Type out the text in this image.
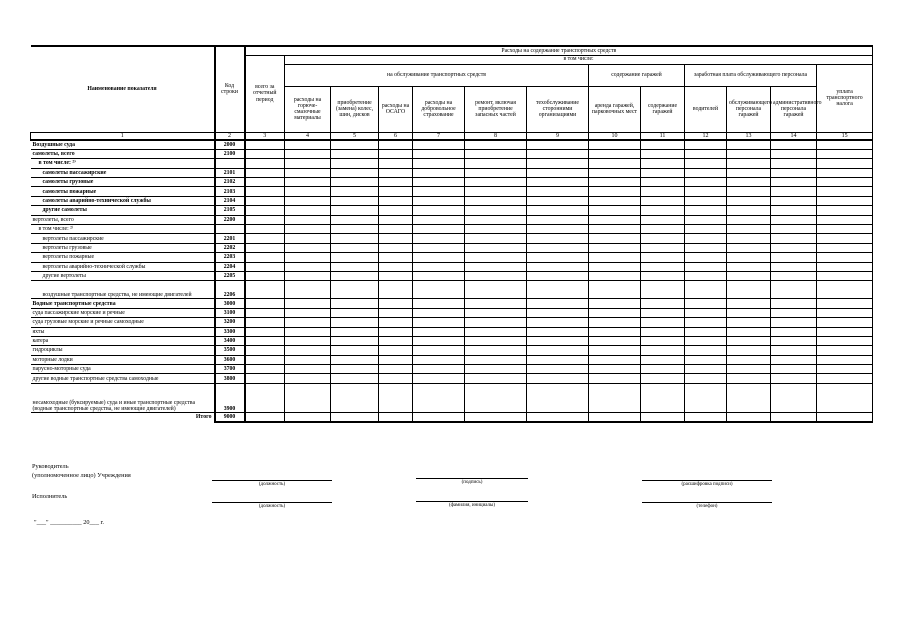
Наименование показателя	Код строки	Расходы на содержание транспортных средств												
		всего за отчетный период	в том числе:											
			на обслуживание транспортных средств						содержание гаражей		заработная плата обслуживающего персонала			уплата транспортного налога

			расходы на горюче-смазочные материалы	приобретение (замена) колес, шин, дисков	расходы на ОСАГО	расходы на добровольное страхование	ремонт, включая приобретение запасных частей	техобслуживание сторонними организациями	аренда гаражей, парковочных мест	содержание гаражей	водителей	обслуживающего персонала гаражей	административного персонала гаражей	
1	2	3	4	5	6	7	8	9	10	11	12	13	14	15
Воздушные суда	2000													
самолеты, всего	2100													
в том числе: ²⁾														
самолеты пассажирские	2101													
самолеты грузовые	2102													
самолеты пожарные	2103													
самолеты аварийно-технической службы	2104													
другие самолеты	2105													
вертолеты, всего	2200													
в том числе: ²⁾														
вертолеты пассажирские	2201													
вертолеты грузовые	2202													
вертолеты пожарные	2203													
вертолеты аварийно-технической службы	2204													
другие вертолеты	2205													
воздушные транспортные средства, не имеющие двигателей	2206													
Водные транспортные средства	3000													
суда пассажирские морские и речные	3100													
суда грузовые морские и речные самоходные	3200													
яхты	3300													
катера	3400													
гидроциклы	3500													
моторные лодки	3600													
парусно-моторные суда	3700													
другие водные транспортные средства самоходные	3800													
несамоходные (буксируемые) суда и иные транспортные средства (водные транспортные средства, не имеющие двигателей)	3900													
Итого	9000													
Руководитель
(уполномоченное лицо) Учреждения
(должность)	(подпись)	(расшифровка подписи)
Исполнитель
(должность)	(фамилия, инициалы)	(телефон)
"___" __________ 20___ г.
